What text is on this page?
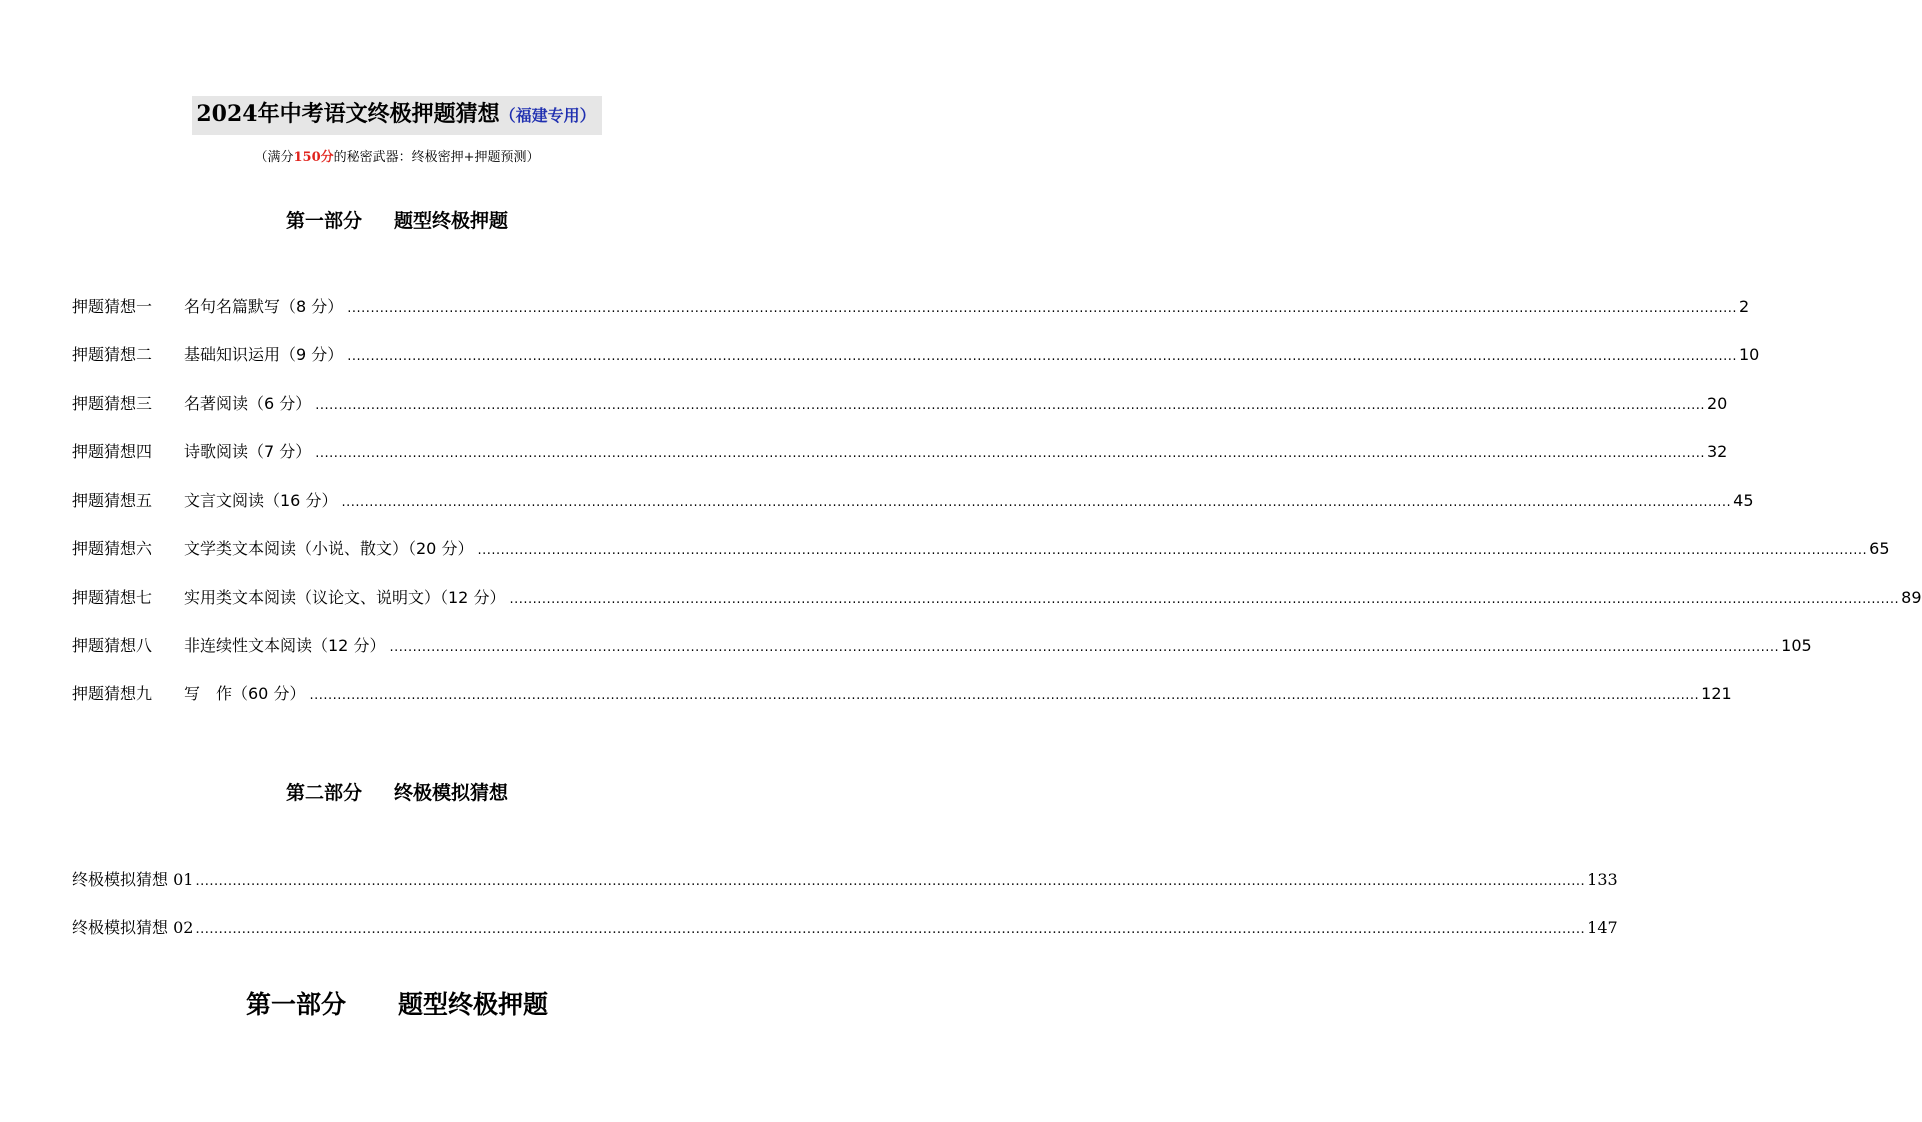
2024年中考语文终极押题猜想（福建专用）
（满分150分的秘密武器：终极密押+押题预测）
第一部分 题型终极押题
押题猜想一	名句名篇默写（8 分） ............................................................................................................................................................................................................................................................................................................ 2
押题猜想二	基础知识运用（9 分） ............................................................................................................................................................................................................................................................................................................ 10
押题猜想三	名著阅读（6 分） ............................................................................................................................................................................................................................................................................................................ 20
押题猜想四	诗歌阅读（7 分） ............................................................................................................................................................................................................................................................................................................ 32
押题猜想五	文言文阅读（16 分） ............................................................................................................................................................................................................................................................................................................ 45
押题猜想六	文学类文本阅读（小说、散文）（20 分） ............................................................................................................................................................................................................................................................................................................ 65
押题猜想七	实用类文本阅读（议论文、说明文）（12 分） ............................................................................................................................................................................................................................................................................................................ 89
押题猜想八	非连续性文本阅读（12 分） ............................................................................................................................................................................................................................................................................................................ 105
押题猜想九	写　作（60 分） ............................................................................................................................................................................................................................................................................................................ 121
第二部分 终极模拟猜想
终极模拟猜想 01 ............................................................................................................................................................................................................................................................................................................ 133
终极模拟猜想 02 ............................................................................................................................................................................................................................................................................................................ 147
第一部分 题型终极押题
